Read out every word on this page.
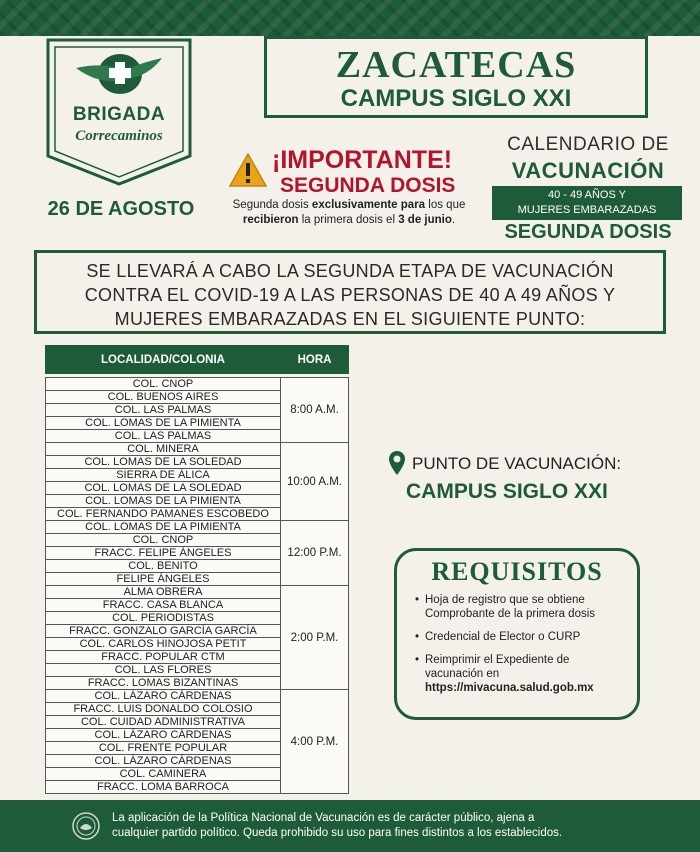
BRIGADA
Correcaminos
26 DE AGOSTO
ZACATECAS
CAMPUS SIGLO XXI
¡IMPORTANTE!
SEGUNDA DOSIS
Segunda dosis exclusivamente para los que
recibieron la primera dosis el 3 de junio.
CALENDARIO DE
VACUNACIÓN
40 - 49 AÑOS Y
MUJERES EMBARAZADAS
SEGUNDA DOSIS
SE LLEVARÁ A CABO LA SEGUNDA ETAPA DE VACUNACIÓN
CONTRA EL COVID-19 A LAS PERSONAS DE 40 A 49 AÑOS Y
MUJERES EMBARAZADAS EN EL SIGUIENTE PUNTO:
LOCALIDAD/COLONIA	HORA

COL. CNOP	8:00 A.M.
COL. BUENOS AIRES	
COL. LAS PALMAS	
COL. LOMAS DE LA PIMIENTA	
COL. LAS PALMAS	
COL. MINERA	10:00 A.M.
COL. LOMAS DE LA SOLEDAD	
SIERRA DE ÁLICA	
COL. LOMAS DE LA SOLEDAD	
COL. LOMAS DE LA PIMIENTA	
COL. FERNANDO PAMANES ESCOBEDO	
COL. LOMAS DE LA PIMIENTA	12:00 P.M.
COL. CNOP	
FRACC. FELIPE ÁNGELES	
COL. BENITO	
FELIPE ÁNGELES	
ALMA OBRERA	2:00 P.M.
FRACC. CASA BLANCA	
COL. PERIODISTAS	
FRACC. GONZALO GARCÍA GARCÍA	
COL. CARLOS HINOJOSA PETIT	
FRACC. POPULAR CTM	
COL. LAS FLORES	
FRACC. LOMAS BIZANTINAS	
COL. LÁZARO CÁRDENAS	4:00 P.M.
FRACC. LUIS DONALDO COLOSIO	
COL. CUIDAD ADMINISTRATIVA	
COL. LÁZARO CÁRDENAS	
COL. FRENTE POPULAR	
COL. LÁZARO CÁRDENAS	
COL. CAMINERA	
FRACC. LOMA BARROCA	
PUNTO DE VACUNACIÓN:
CAMPUS SIGLO XXI
REQUISITOS
• Hoja de registro que se obtiene Comprobante de la primera dosis
• Credencial de Elector o CURP
• Reimprimir el Expediente de vacunación en
https://mivacuna.salud.gob.mx
La aplicación de la Política Nacional de Vacunación es de carácter público, ajena a
cualquier partido político. Queda prohibido su uso para fines distintos a los establecidos.
